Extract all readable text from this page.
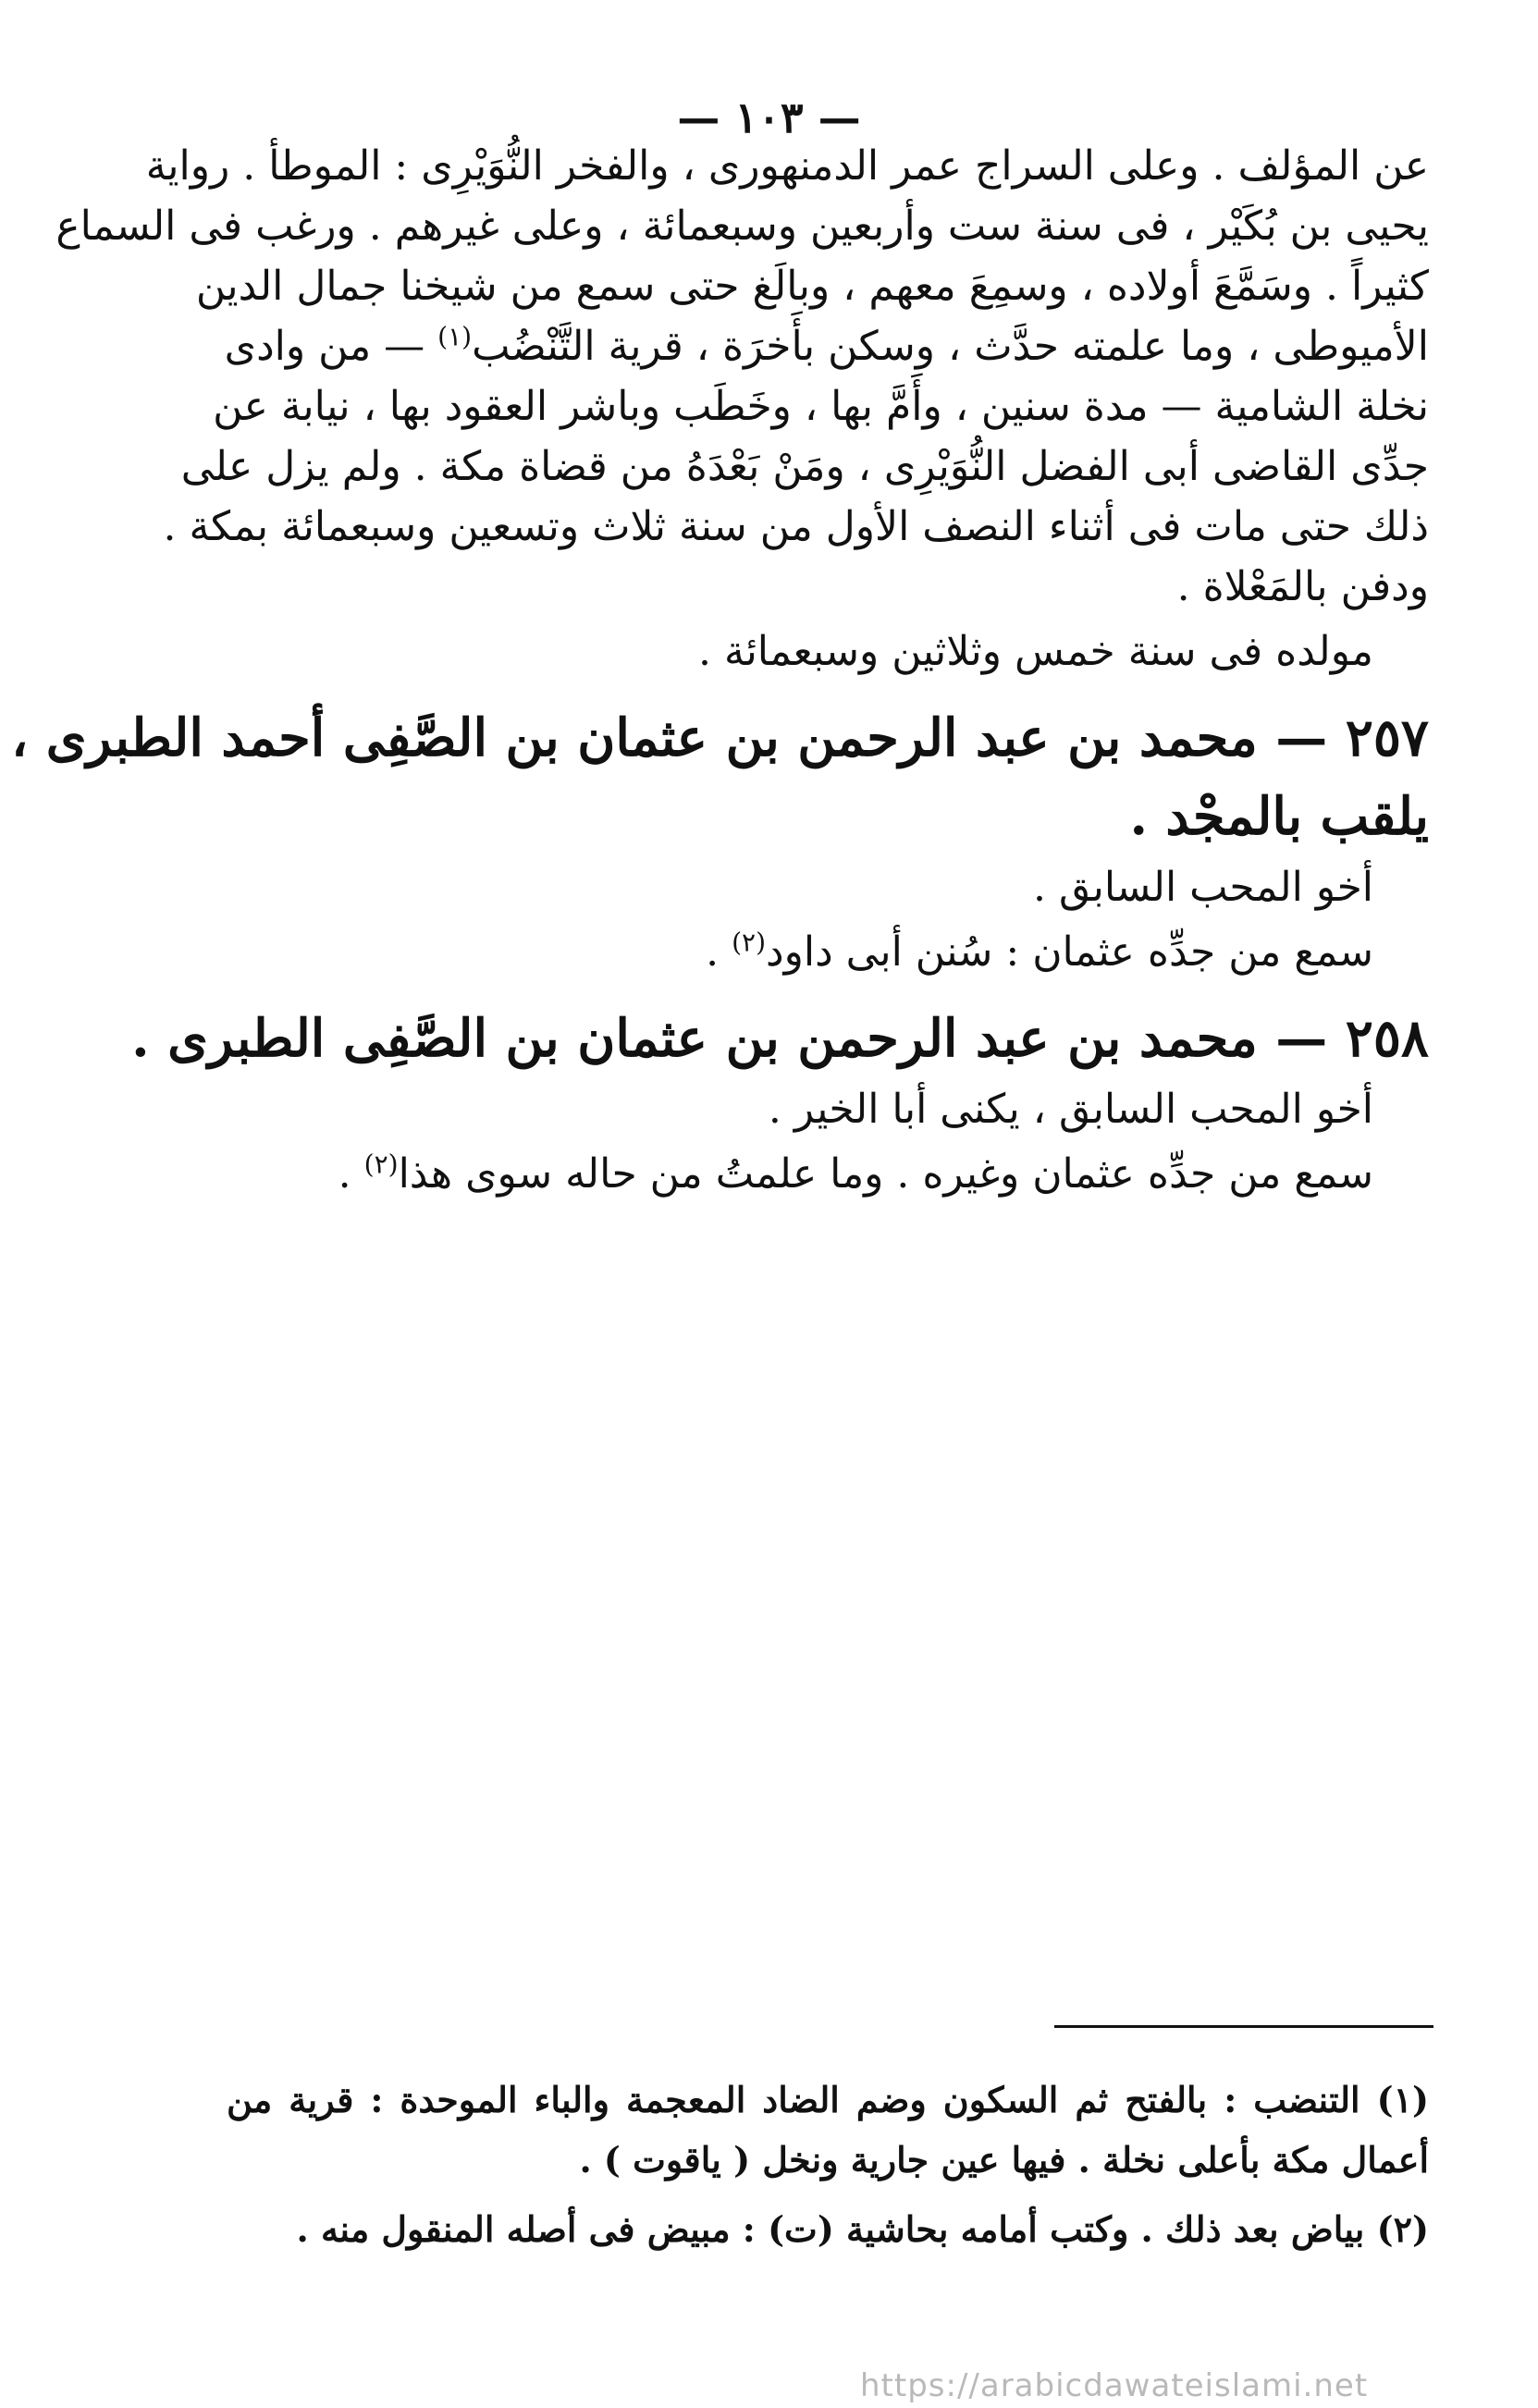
— ١٠٣ —
عن المؤلف . وعلى السراج عمر الدمنهورى ، والفخر النُّوَيْرِى : الموطأ . رواية
يحيى بن بُكَيْر ، فى سنة ست وأربعين وسبعمائة ، وعلى غيرهم . ورغب فى السماع
كثيراً . وسَمَّعَ أولاده ، وسمِعَ معهم ، وبالَغ حتى سمع من شيخنا جمال الدين
الأميوطى ، وما علمته حدَّث ، وسكن بأَخرَة ، قرية التَّنْضُب$^{(١)}$ — من وادى
نخلة الشامية — مدة سنين ، وأَمَّ بها ، وخَطَب وباشر العقود بها ، نيابة عن
جدِّى القاضى أبى الفضل النُّوَيْرِى ، ومَنْ بَعْدَهُ من قضاة مكة . ولم يزل على
ذلك حتى مات فى أثناء النصف الأول من سنة ثلاث وتسعين وسبعمائة بمكة .
ودفن بالمَعْلاة .
مولده فى سنة خمس وثلاثين وسبعمائة .
٢٥٧ — محمد بن عبد الرحمن بن عثمان بن الصَّفِى أحمد الطبرى ،
يلقب بالمجْد .
أخو المحب السابق .
سمع من جدِّه عثمان : سُنن أبى داود$^{(٢)}$ .
٢٥٨ — محمد بن عبد الرحمن بن عثمان بن الصَّفِى الطبرى .
أخو المحب السابق ، يكنى أبا الخير .
سمع من جدِّه عثمان وغيره . وما علمتُ من حاله سوى هذا$^{(٢)}$ .
(١) التنضب : بالفتح ثم السكون وضم الضاد المعجمة والباء الموحدة : قرية من
أعمال مكة بأعلى نخلة . فيها عين جارية ونخل ( ياقوت ) .
(٢) بياض بعد ذلك . وكتب أمامه بحاشية (ت) : مبيض فى أصله المنقول منه .
https://arabicdawateislami.net
